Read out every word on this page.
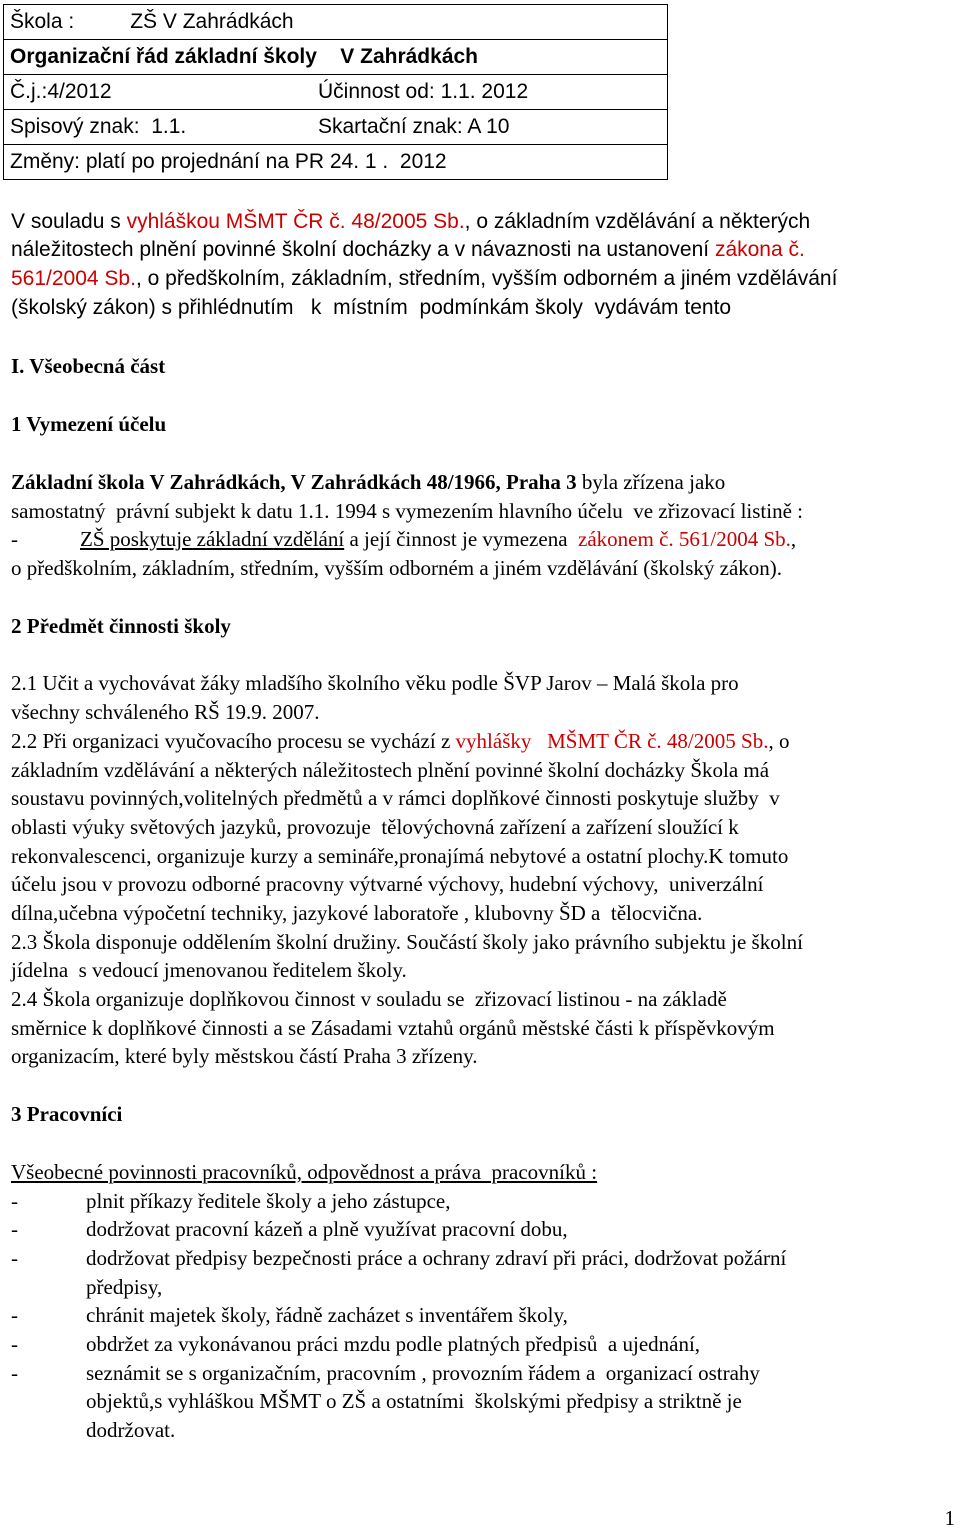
Škola :	ZŠ V Zahrádkách
Organizační řád základní školy    V Zahrádkách
Č.j.:4/2012	Účinnost od: 1.1. 2012
Spisový znak:  1.1.	Skartační znak: A 10
Změny: platí po projednání na PR 24. 1 .  2012
V souladu s vyhláškou MŠMT ČR č. 48/2005 Sb., o základním vzdělávání a některých
náležitostech plnění povinné školní docházky a v návaznosti na ustanovení zákona č.
561/2004 Sb., o předškolním, základním, středním, vyšším odborném a jiném vzdělávání
(školský zákon) s přihlédnutím   k  místním  podmínkám školy  vydávám tento
I. Všeobecná část
1 Vymezení účelu
Základní škola V Zahrádkách, V Zahrádkách 48/1966, Praha 3 byla zřízena jako
samostatný  právní subjekt k datu 1.1. 1994 s vymezením hlavního účelu  ve zřizovací listině :
-	ZŠ poskytuje základní vzdělání a její činnost je vymezena  zákonem č. 561/2004 Sb.,
o předškolním, základním, středním, vyšším odborném a jiném vzdělávání (školský zákon).
2 Předmět činnosti školy
2.1 Učit a vychovávat žáky mladšího školního věku podle ŠVP Jarov – Malá škola pro
všechny schváleného RŠ 19.9. 2007.
2.2 Při organizaci vyučovacího procesu se vychází z vyhlášky   MŠMT ČR č. 48/2005 Sb., o
základním vzdělávání a některých náležitostech plnění povinné školní docházky Škola má
soustavu povinných,volitelných předmětů a v rámci doplňkové činnosti poskytuje služby  v
oblasti výuky světových jazyků, provozuje  tělovýchovná zařízení a zařízení sloužící k
rekonvalescenci, organizuje kurzy a semináře,pronajímá nebytové a ostatní plochy.K tomuto
účelu jsou v provozu odborné pracovny výtvarné výchovy, hudební výchovy,  univerzální
dílna,učebna výpočetní techniky, jazykové laboratoře , klubovny ŠD a  tělocvična.
2.3 Škola disponuje oddělením školní družiny. Součástí školy jako právního subjektu je školní
jídelna  s vedoucí jmenovanou ředitelem školy.
2.4 Škola organizuje doplňkovou činnost v souladu se  zřizovací listinou - na základě
směrnice k doplňkové činnosti a se Zásadami vztahů orgánů městské části k příspěvkovým
organizacím, které byly městskou částí Praha 3 zřízeny.
3 Pracovníci
Všeobecné povinnosti pracovníků, odpovědnost a práva  pracovníků :
-	plnit příkazy ředitele školy a jeho zástupce,
-	dodržovat pracovní kázeň a plně využívat pracovní dobu,
-	dodržovat předpisy bezpečnosti práce a ochrany zdraví při práci, dodržovat požární
předpisy,
-	chránit majetek školy, řádně zacházet s inventářem školy,
-	obdržet za vykonávanou práci mzdu podle platných předpisů  a ujednání,
-	seznámit se s organizačním, pracovním , provozním řádem a  organizací ostrahy
objektů,s vyhláškou MŠMT o ZŠ a ostatními  školskými předpisy a striktně je
dodržovat.
1
